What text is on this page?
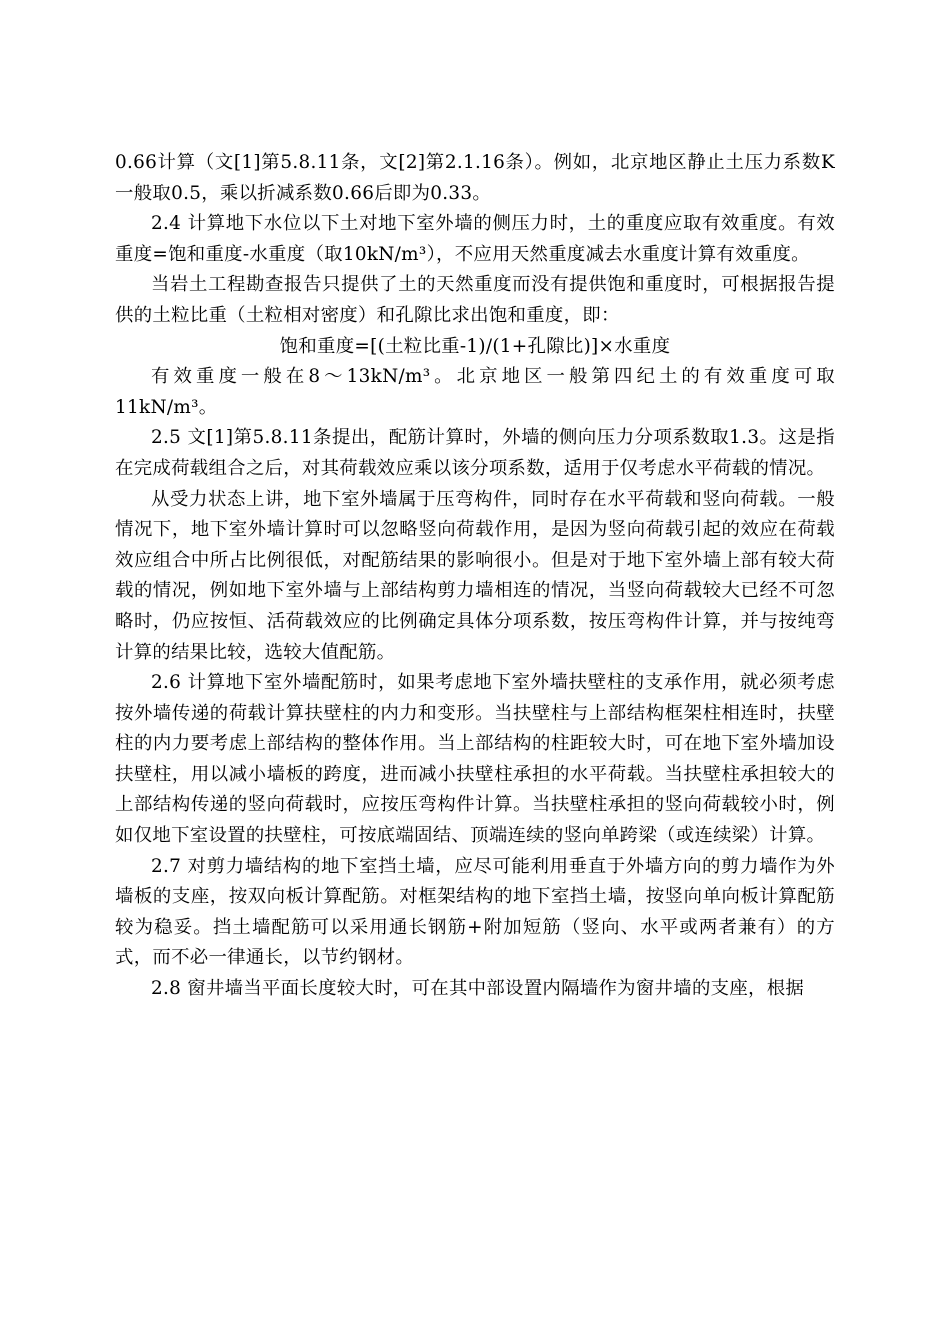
0.66计算（文[1]第5.8.11条，文[2]第2.1.16条）。例如，北京地区静止土压力系数K一般取0.5，乘以折减系数0.66后即为0.33。

2.4 计算地下水位以下土对地下室外墙的侧压力时，土的重度应取有效重度。有效重度=饱和重度-水重度（取10kN/m³），不应用天然重度减去水重度计算有效重度。

当岩土工程勘查报告只提供了土的天然重度而没有提供饱和重度时，可根据报告提供的土粒比重（土粒相对密度）和孔隙比求出饱和重度，即：

饱和重度=[(土粒比重-1)/(1+孔隙比)]×水重度

有效重度一般在8～13kN/m³。北京地区一般第四纪土的有效重度可取11kN/m³。

2.5 文[1]第5.8.11条提出，配筋计算时，外墙的侧向压力分项系数取1.3。这是指在完成荷载组合之后，对其荷载效应乘以该分项系数，适用于仅考虑水平荷载的情况。

从受力状态上讲，地下室外墙属于压弯构件，同时存在水平荷载和竖向荷载。一般情况下，地下室外墙计算时可以忽略竖向荷载作用，是因为竖向荷载引起的效应在荷载效应组合中所占比例很低，对配筋结果的影响很小。但是对于地下室外墙上部有较大荷载的情况，例如地下室外墙与上部结构剪力墙相连的情况，当竖向荷载较大已经不可忽略时，仍应按恒、活荷载效应的比例确定具体分项系数，按压弯构件计算，并与按纯弯计算的结果比较，选较大值配筋。

2.6 计算地下室外墙配筋时，如果考虑地下室外墙扶壁柱的支承作用，就必须考虑按外墙传递的荷载计算扶壁柱的内力和变形。当扶壁柱与上部结构框架柱相连时，扶壁柱的内力要考虑上部结构的整体作用。当上部结构的柱距较大时，可在地下室外墙加设扶壁柱，用以减小墙板的跨度，进而减小扶壁柱承担的水平荷载。当扶壁柱承担较大的上部结构传递的竖向荷载时，应按压弯构件计算。当扶壁柱承担的竖向荷载较小时，例如仅地下室设置的扶壁柱，可按底端固结、顶端连续的竖向单跨梁（或连续梁）计算。

2.7 对剪力墙结构的地下室挡土墙，应尽可能利用垂直于外墙方向的剪力墙作为外墙板的支座，按双向板计算配筋。对框架结构的地下室挡土墙，按竖向单向板计算配筋较为稳妥。挡土墙配筋可以采用通长钢筋+附加短筋（竖向、水平或两者兼有）的方式，而不必一律通长，以节约钢材。

2.8 窗井墙当平面长度较大时，可在其中部设置内隔墙作为窗井墙的支座，根据
